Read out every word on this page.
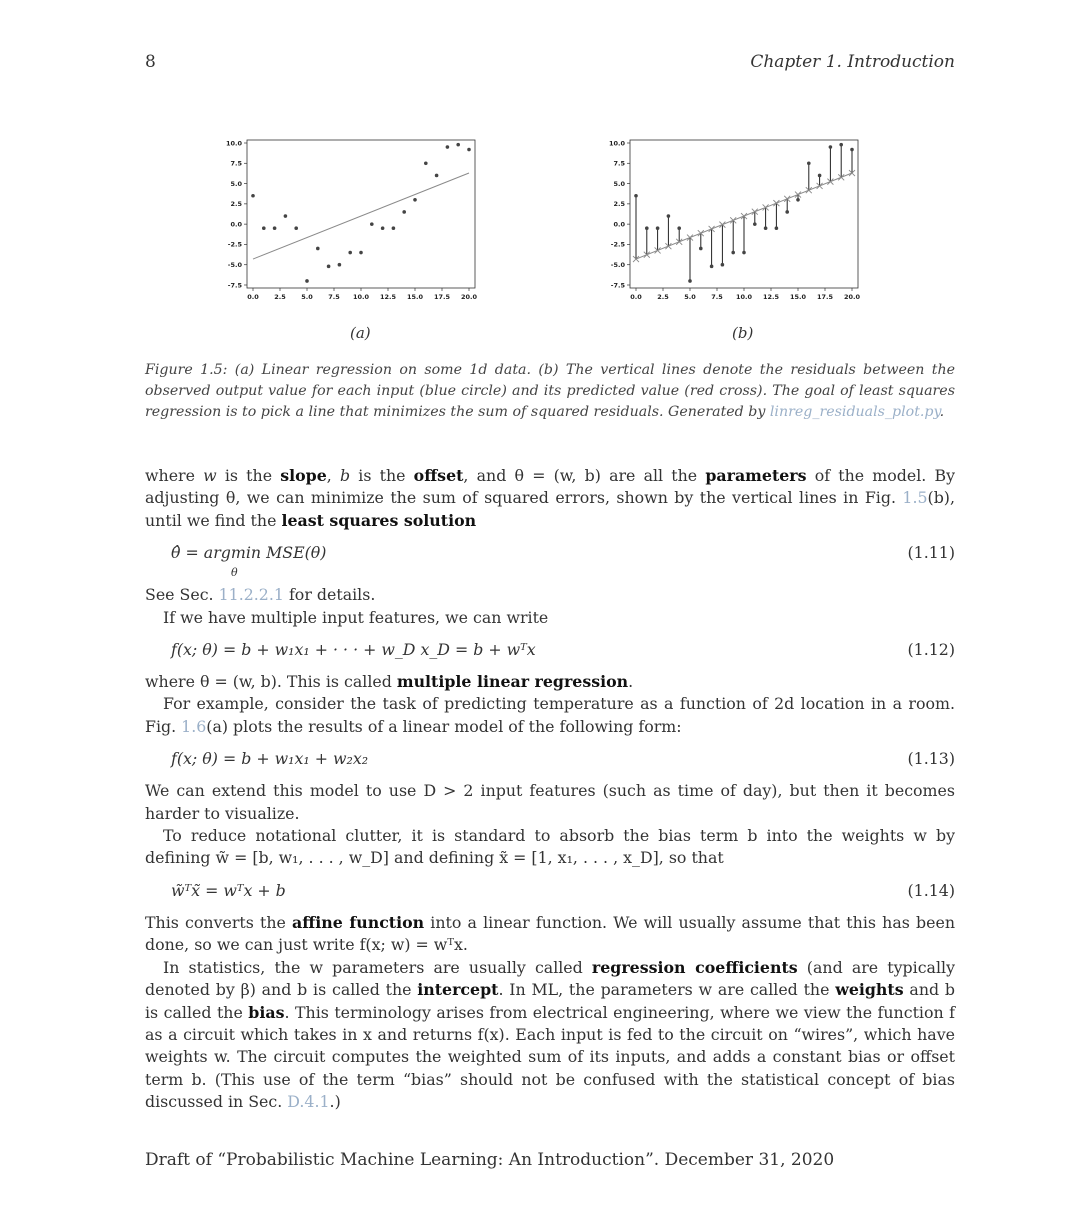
8	Chapter 1. Introduction
10.0
7.5
5.0
2.5
0.0
-2.5
-5.0
-7.5
0.0 2.5 5.0 7.5 10.0 12.5 15.0 17.5 20.0
10.0
7.5
5.0
2.5
0.0
-2.5
-5.0
-7.5
0.0 2.5 5.0 7.5 10.0 12.5 15.0 17.5 20.0
(a)	(b)
Figure 1.5: (a) Linear regression on some 1d data. (b) The vertical lines denote the residuals between the observed output value for each input (blue circle) and its predicted value (red cross). The goal of least squares regression is to pick a line that minimizes the sum of squared residuals. Generated by linreg_residuals_plot.py.

where w is the slope, b is the offset, and θ = (w, b) are all the parameters of the model. By adjusting θ, we can minimize the sum of squared errors, shown by the vertical lines in Fig. 1.5(b), until we find the least squares solution

θ̂ = argmin MSE(θ)
θ
(1.11)

See Sec. 11.2.2.1 for details.

If we have multiple input features, we can write

f(x; θ) = b + w₁x₁ + · · · + w_D x_D = b + wᵀx	(1.12)

where θ = (w, b). This is called multiple linear regression.

For example, consider the task of predicting temperature as a function of 2d location in a room. Fig. 1.6(a) plots the results of a linear model of the following form:

f(x; θ) = b + w₁x₁ + w₂x₂	(1.13)

We can extend this model to use D > 2 input features (such as time of day), but then it becomes harder to visualize.

To reduce notational clutter, it is standard to absorb the bias term b into the weights w by defining w̃ = [b, w₁, . . . , w_D] and defining x̃ = [1, x₁, . . . , x_D], so that

w̃ᵀx̃ = wᵀx + b	(1.14)

This converts the affine function into a linear function. We will usually assume that this has been done, so we can just write f(x; w) = wᵀx.

In statistics, the w parameters are usually called regression coefficients (and are typically denoted by β) and b is called the intercept. In ML, the parameters w are called the weights and b is called the bias. This terminology arises from electrical engineering, where we view the function f as a circuit which takes in x and returns f(x). Each input is fed to the circuit on “wires”, which have weights w. The circuit computes the weighted sum of its inputs, and adds a constant bias or offset term b. (This use of the term “bias” should not be confused with the statistical concept of bias discussed in Sec. D.4.1.)

Draft of “Probabilistic Machine Learning: An Introduction”. December 31, 2020
